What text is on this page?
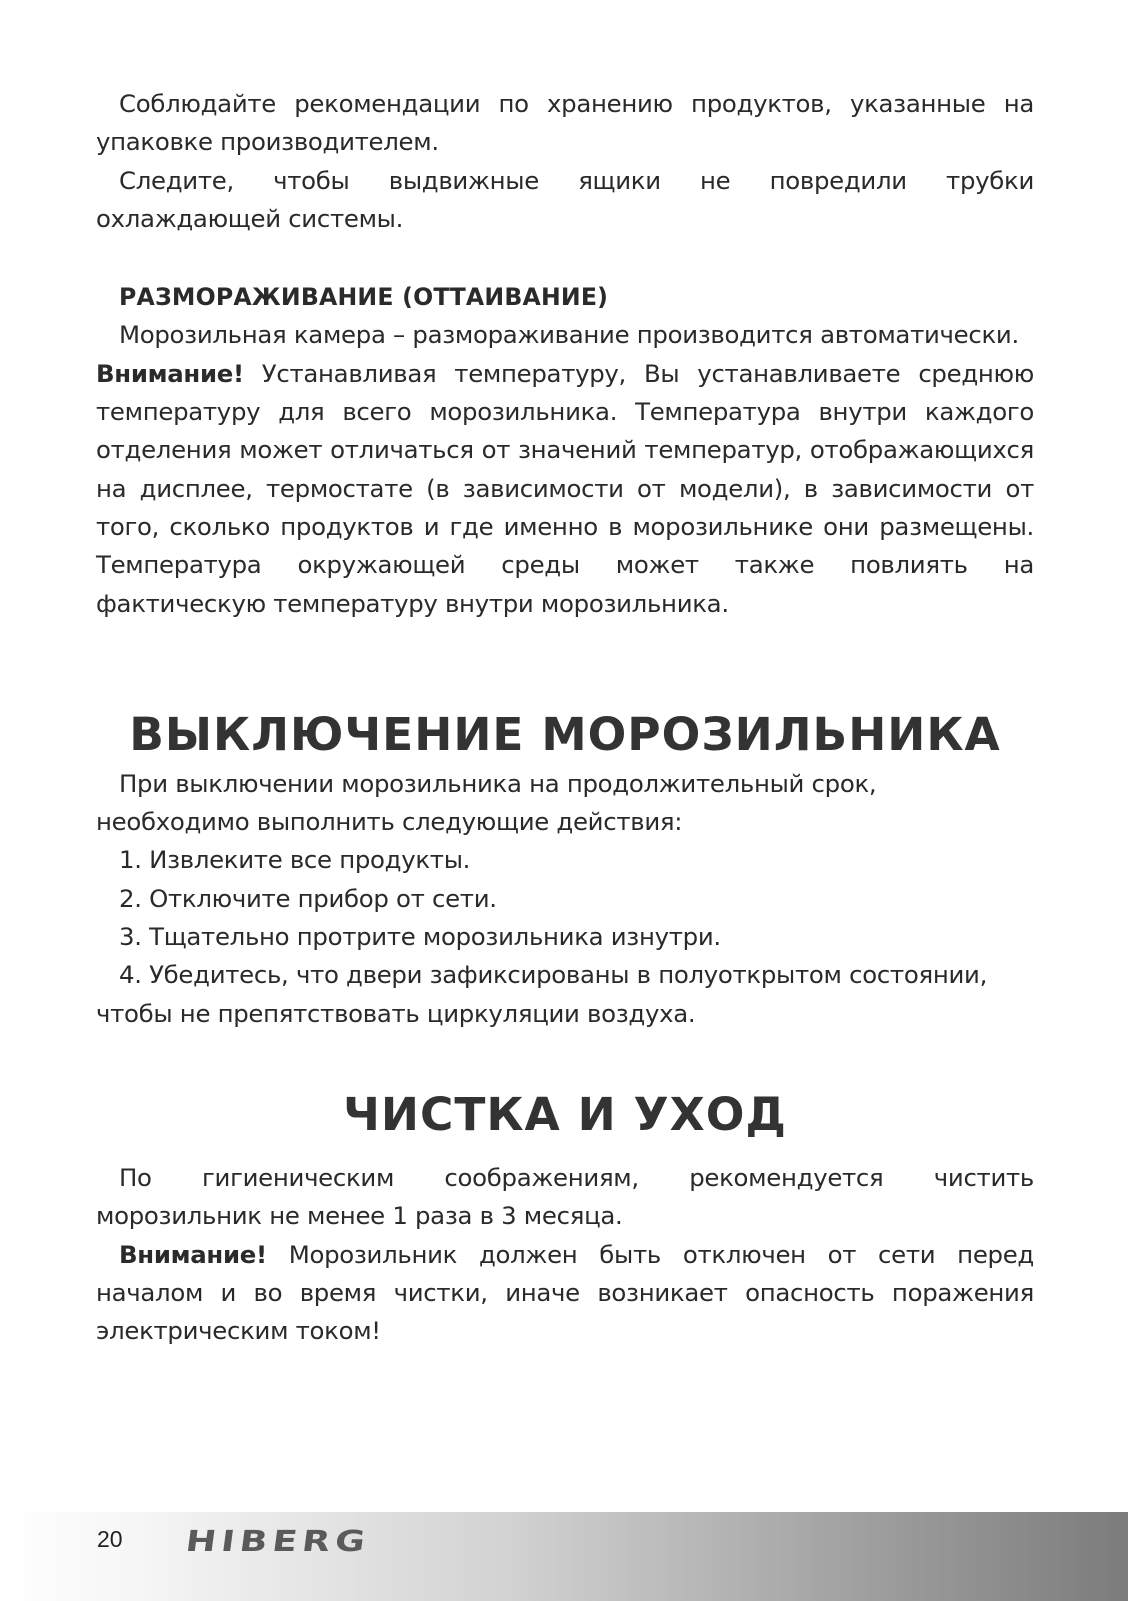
Соблюдайте рекомендации по хранению продуктов, указанные на упаковке производителем.

Следите, чтобы выдвижные ящики не повредили трубки охлаждающей системы.

РАЗМОРАЖИВАНИЕ (ОТТАИВАНИЕ)

Морозильная камера – размораживание производится автоматически.

Внимание! Устанавливая температуру, Вы устанавливаете среднюю температуру для всего морозильника. Температура внутри каждого отделения может отличаться от значений температур, отображающихся на дисплее, термостате (в зависимости от модели), в зависимости от того, сколько продуктов и где именно в морозильнике они размещены. Температура окружающей среды может также повлиять на фактическую температуру внутри морозильника.

ВЫКЛЮЧЕНИЕ МОРОЗИЛЬНИКА

При выключении морозильника на продолжительный срок, необходимо выполнить следующие действия:

1. Извлеките все продукты.

2. Отключите прибор от сети.

3. Тщательно протрите морозильника изнутри.

4. Убедитесь, что двери зафиксированы в полуоткрытом состоянии, чтобы не препятствовать циркуляции воздуха.

ЧИСТКА И УХОД

По гигиеническим соображениям, рекомендуется чистить морозильник не менее 1 раза в 3 месяца.

Внимание! Морозильник должен быть отключен от сети перед началом и во время чистки, иначе возникает опасность поражения электрическим током!

20 HIBERG
